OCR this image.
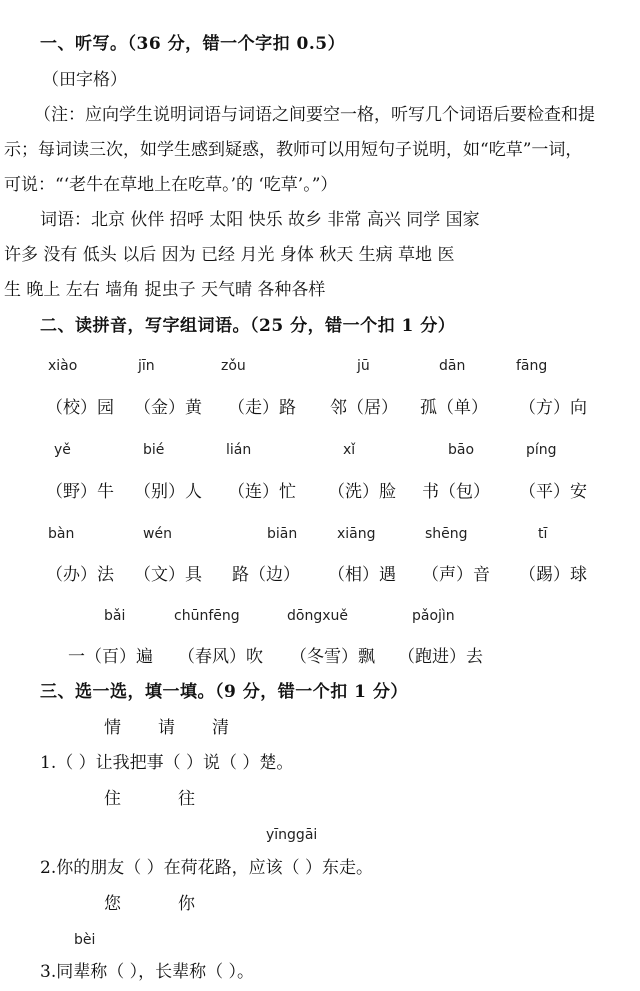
一、听写。（36 分，错一个字扣 0.5）
（田字格）
（注：应向学生说明词语与词语之间要空一格，听写几个词语后要检查和提
示；每词读三次，如学生感到疑惑，教师可以用短句子说明，如“吃草”一词，
可说：“‘老牛在草地上在吃草。’的 ‘吃草’。”）
词语：北京 伙伴 招呼 太阳 快乐 故乡 非常 高兴 同学 国家
许多 没有 低头 以后 因为 已经 月光 身体 秋天 生病 草地 医
生 晚上 左右 墙角 捉虫子 天气晴 各种各样
二、读拼音，写字组词语。（25 分，错一个扣 1 分）
xiào	jīn	zǒu	jū	dān	fāng
（校）园 （金）黄 （走）路 邻（居） 孤（单） （方）向
yě	bié	lián	xǐ	bāo	píng
（野）牛 （别）人 （连）忙 （洗）脸 书（包） （平）安
bàn	wén	biān	xiāng	shēng	tī
（办）法 （文）具 路（边） （相）遇 （声）音 （踢）球
bǎi	chūnfēng	dōngxuě	pǎojìn
一（百）遍 （春风）吹 （冬雪）飘 （跑进）去
三、选一选，填一填。（9 分，错一个扣 1 分）
情 请 清
1.（ ）让我把事（ ）说（ ）楚。
住	往
yīnggāi
2.你的朋友（ ）在荷花路，应该（ ）东走。
您	你
bèi
3.同辈称（ ），长辈称（ ）。
